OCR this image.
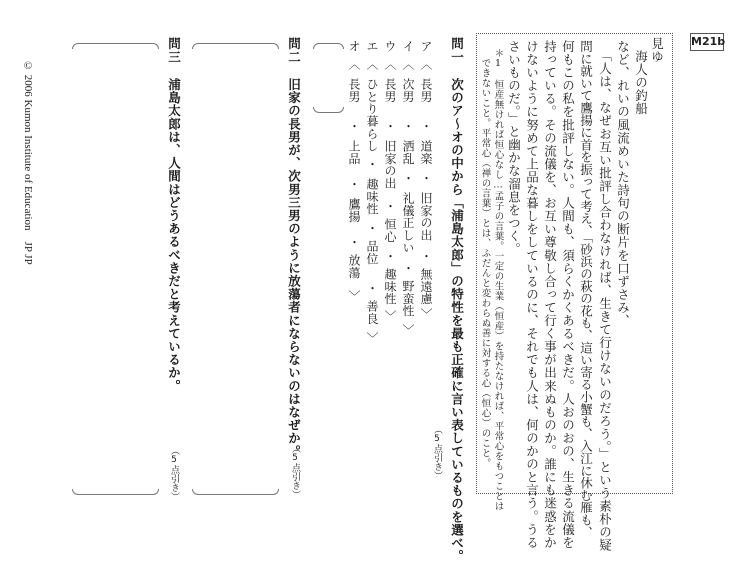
M21b
見ゆ
海人の釣船
など、れいの風流めいた詩句の断片を口ずさみ、
「人は、なぜお互い批評し合わなければ、生きて行けないのだろう。」という素朴の疑
問に就いて鷹揚に首を振って考え、「砂浜の萩の花も、這い寄る小蟹も、入江に休む雁も、
何もこの私を批評しない。人間も、須らくかくあるべきだ。人おのおの、生きる流儀を
持っている。その流儀を、お互い尊敬し合って行く事が出来ぬものか。誰にも迷惑をか
けないように努めて上品な暮しをしているのに、それでも人は、何のかのと言う。うる
さいものだ。」と幽かな溜息をつく。
＊1　恒産無ければ恒心なし…孟子の言葉。一定の生業（恒産）を持たなければ、平常心をもつことは
できないこと。平常心（禅の言葉）とは、ふだんと変わらぬ善に対する心（恒心）のこと。
問一
次のア〜オの中から「浦島太郎」の特性を最も正確に言い表しているものを選べ。
（5点引き）
ア
︿
長男
・
道楽
・
旧家の出
・
無遠慮
﹀
イ
︿
次男
・
洒乱
・
礼儀正しい
・
野蛮性
﹀
ウ
︿
長男
・
旧家の出
・
恒心
・
趣味性
﹀
エ
︿
ひとり暮らし
・
趣味性
・
品位
・
善良
﹀
オ
︿
長男
・
上品
・
鷹揚
・
放蕩
﹀
問二
旧家の長男が、次男三男のように放蕩者にならないのはなぜか。
（5点引き）
問三
浦島太郎は、人間はどうあるべきだと考えているか。
（5点引き）
© 2006 Kumon Institute of Education　JP JP
